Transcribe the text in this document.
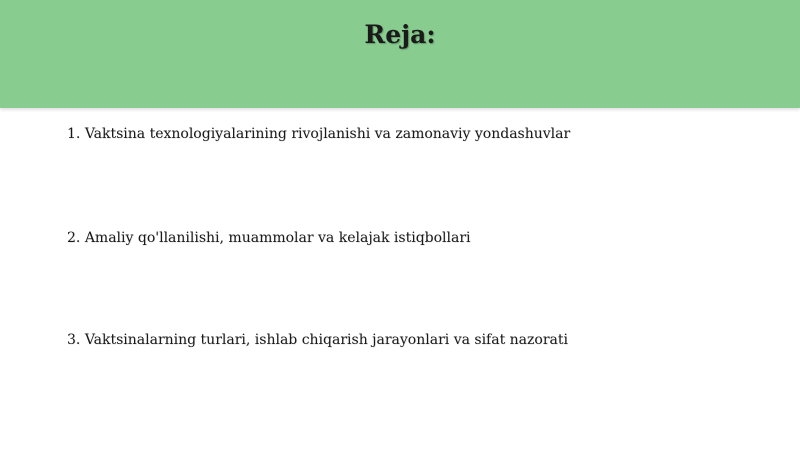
Reja:
1. Vaktsina texnologiyalarining rivojlanishi va zamonaviy yondashuvlar
2. Amaliy qo'llanilishi, muammolar va kelajak istiqbollari
3. Vaktsinalarning turlari, ishlab chiqarish jarayonlari va sifat nazorati
